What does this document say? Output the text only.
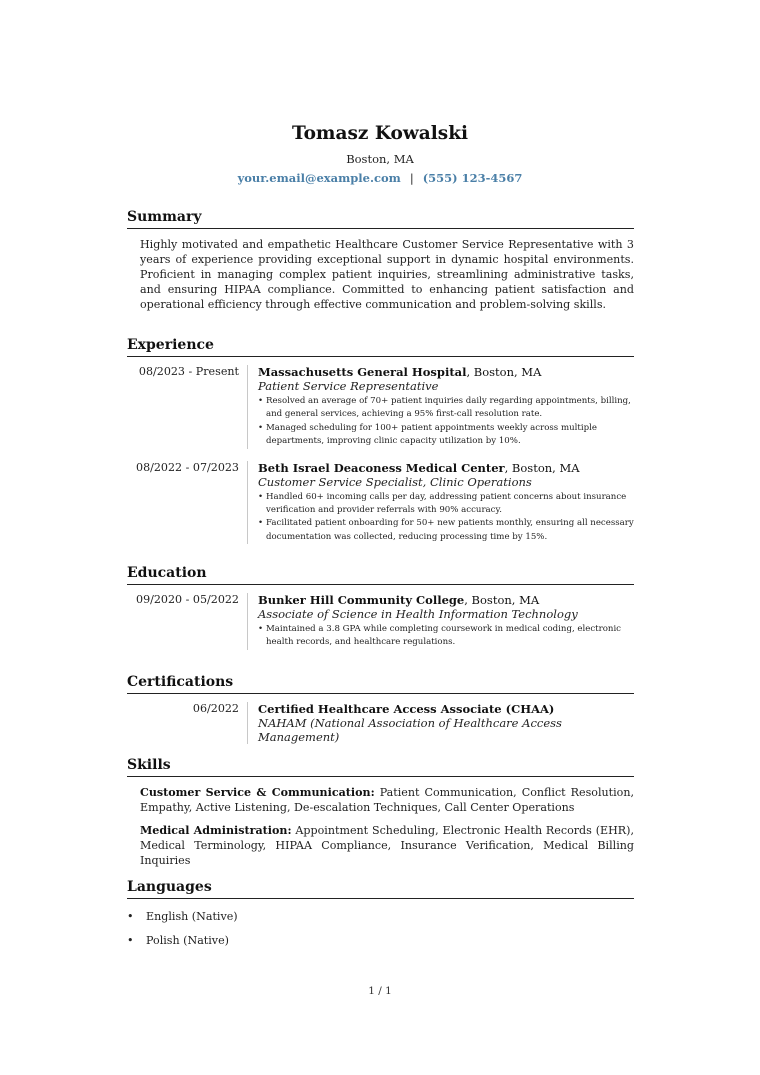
Tomasz Kowalski
Boston, MA
your.email@example.com | (555) 123-4567
Summary
Highly motivated and empathetic Healthcare Customer Service Representative with 3 years of experience providing exceptional support in dynamic hospital environments. Proficient in managing complex patient inquiries, streamlining administrative tasks, and ensuring HIPAA compliance. Committed to enhancing patient satisfaction and operational efficiency through effective communication and problem-solving skills.
Experience
08/2023 - Present Massachusetts General Hospital, Boston, MA
Patient Service Representative
• Resolved an average of 70+ patient inquiries daily regarding appointments, billing, and general services, achieving a 95% first-call resolution rate.
• Managed scheduling for 100+ patient appointments weekly across multiple departments, improving clinic capacity utilization by 10%.
08/2022 - 07/2023 Beth Israel Deaconess Medical Center, Boston, MA
Customer Service Specialist, Clinic Operations
• Handled 60+ incoming calls per day, addressing patient concerns about insurance verification and provider referrals with 90% accuracy.
• Facilitated patient onboarding for 50+ new patients monthly, ensuring all necessary documentation was collected, reducing processing time by 15%.
Education
09/2020 - 05/2022 Bunker Hill Community College, Boston, MA
Associate of Science in Health Information Technology
• Maintained a 3.8 GPA while completing coursework in medical coding, electronic health records, and healthcare regulations.
Certifications
06/2022 Certified Healthcare Access Associate (CHAA)
NAHAM (National Association of Healthcare Access Management)
Skills
Customer Service & Communication: Patient Communication, Conflict Resolution, Empathy, Active Listening, De-escalation Techniques, Call Center Operations
Medical Administration: Appointment Scheduling, Electronic Health Records (EHR), Medical Terminology, HIPAA Compliance, Insurance Verification, Medical Billing Inquiries
Languages
• English (Native)
• Polish (Native)
1 / 1
